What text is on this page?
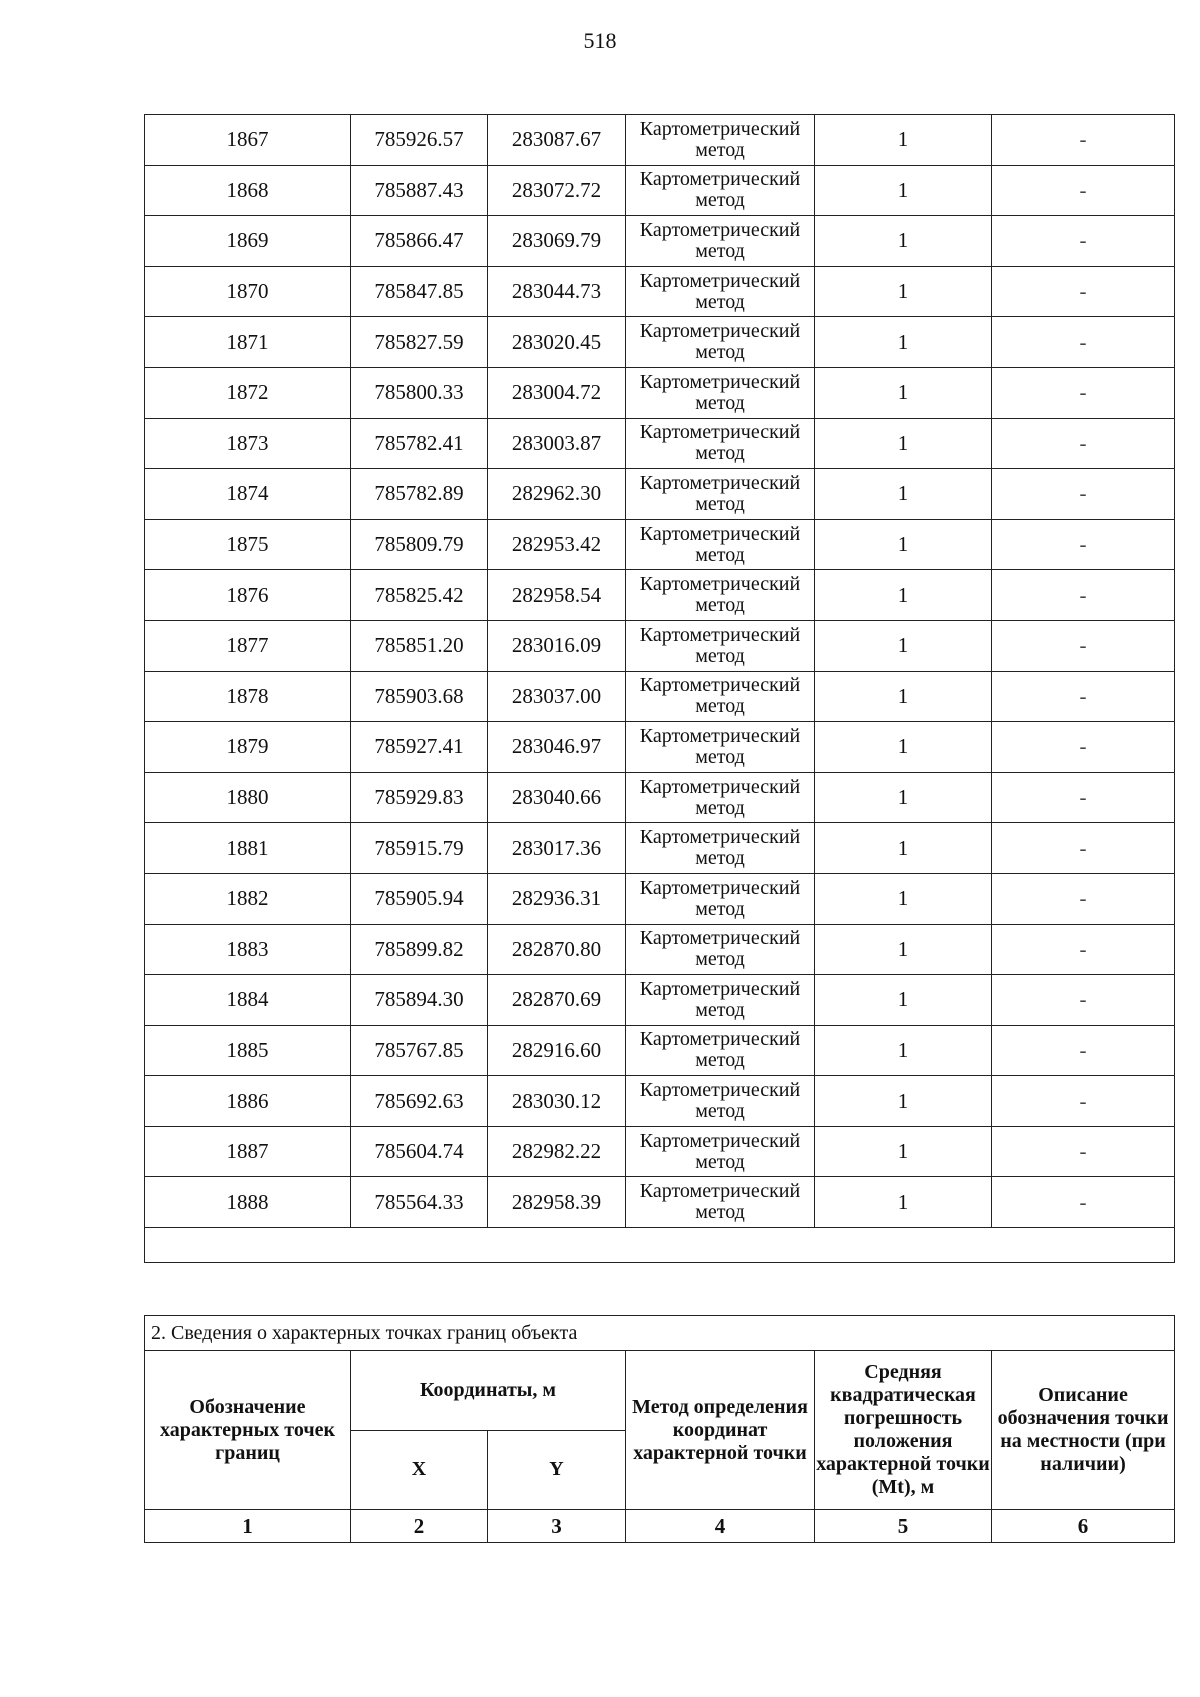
518
1867	785926.57	283087.67	Картометрический метод	1	-
1868	785887.43	283072.72	Картометрический метод	1	-
1869	785866.47	283069.79	Картометрический метод	1	-
1870	785847.85	283044.73	Картометрический метод	1	-
1871	785827.59	283020.45	Картометрический метод	1	-
1872	785800.33	283004.72	Картометрический метод	1	-
1873	785782.41	283003.87	Картометрический метод	1	-
1874	785782.89	282962.30	Картометрический метод	1	-
1875	785809.79	282953.42	Картометрический метод	1	-
1876	785825.42	282958.54	Картометрический метод	1	-
1877	785851.20	283016.09	Картометрический метод	1	-
1878	785903.68	283037.00	Картометрический метод	1	-
1879	785927.41	283046.97	Картометрический метод	1	-
1880	785929.83	283040.66	Картометрический метод	1	-
1881	785915.79	283017.36	Картометрический метод	1	-
1882	785905.94	282936.31	Картометрический метод	1	-
1883	785899.82	282870.80	Картометрический метод	1	-
1884	785894.30	282870.69	Картометрический метод	1	-
1885	785767.85	282916.60	Картометрический метод	1	-
1886	785692.63	283030.12	Картометрический метод	1	-
1887	785604.74	282982.22	Картометрический метод	1	-
1888	785564.33	282958.39	Картометрический метод	1	-

2. Сведения о характерных точках границ объекта					
Обозначение характерных точек границ	Координаты, м		Метод определения координат характерной точки	Средняя квадратическая погрешность положения характерной точки (Mt), м	Описание обозначения точки на местности (при наличии)
	X	Y			
1	2	3	4	5	6
